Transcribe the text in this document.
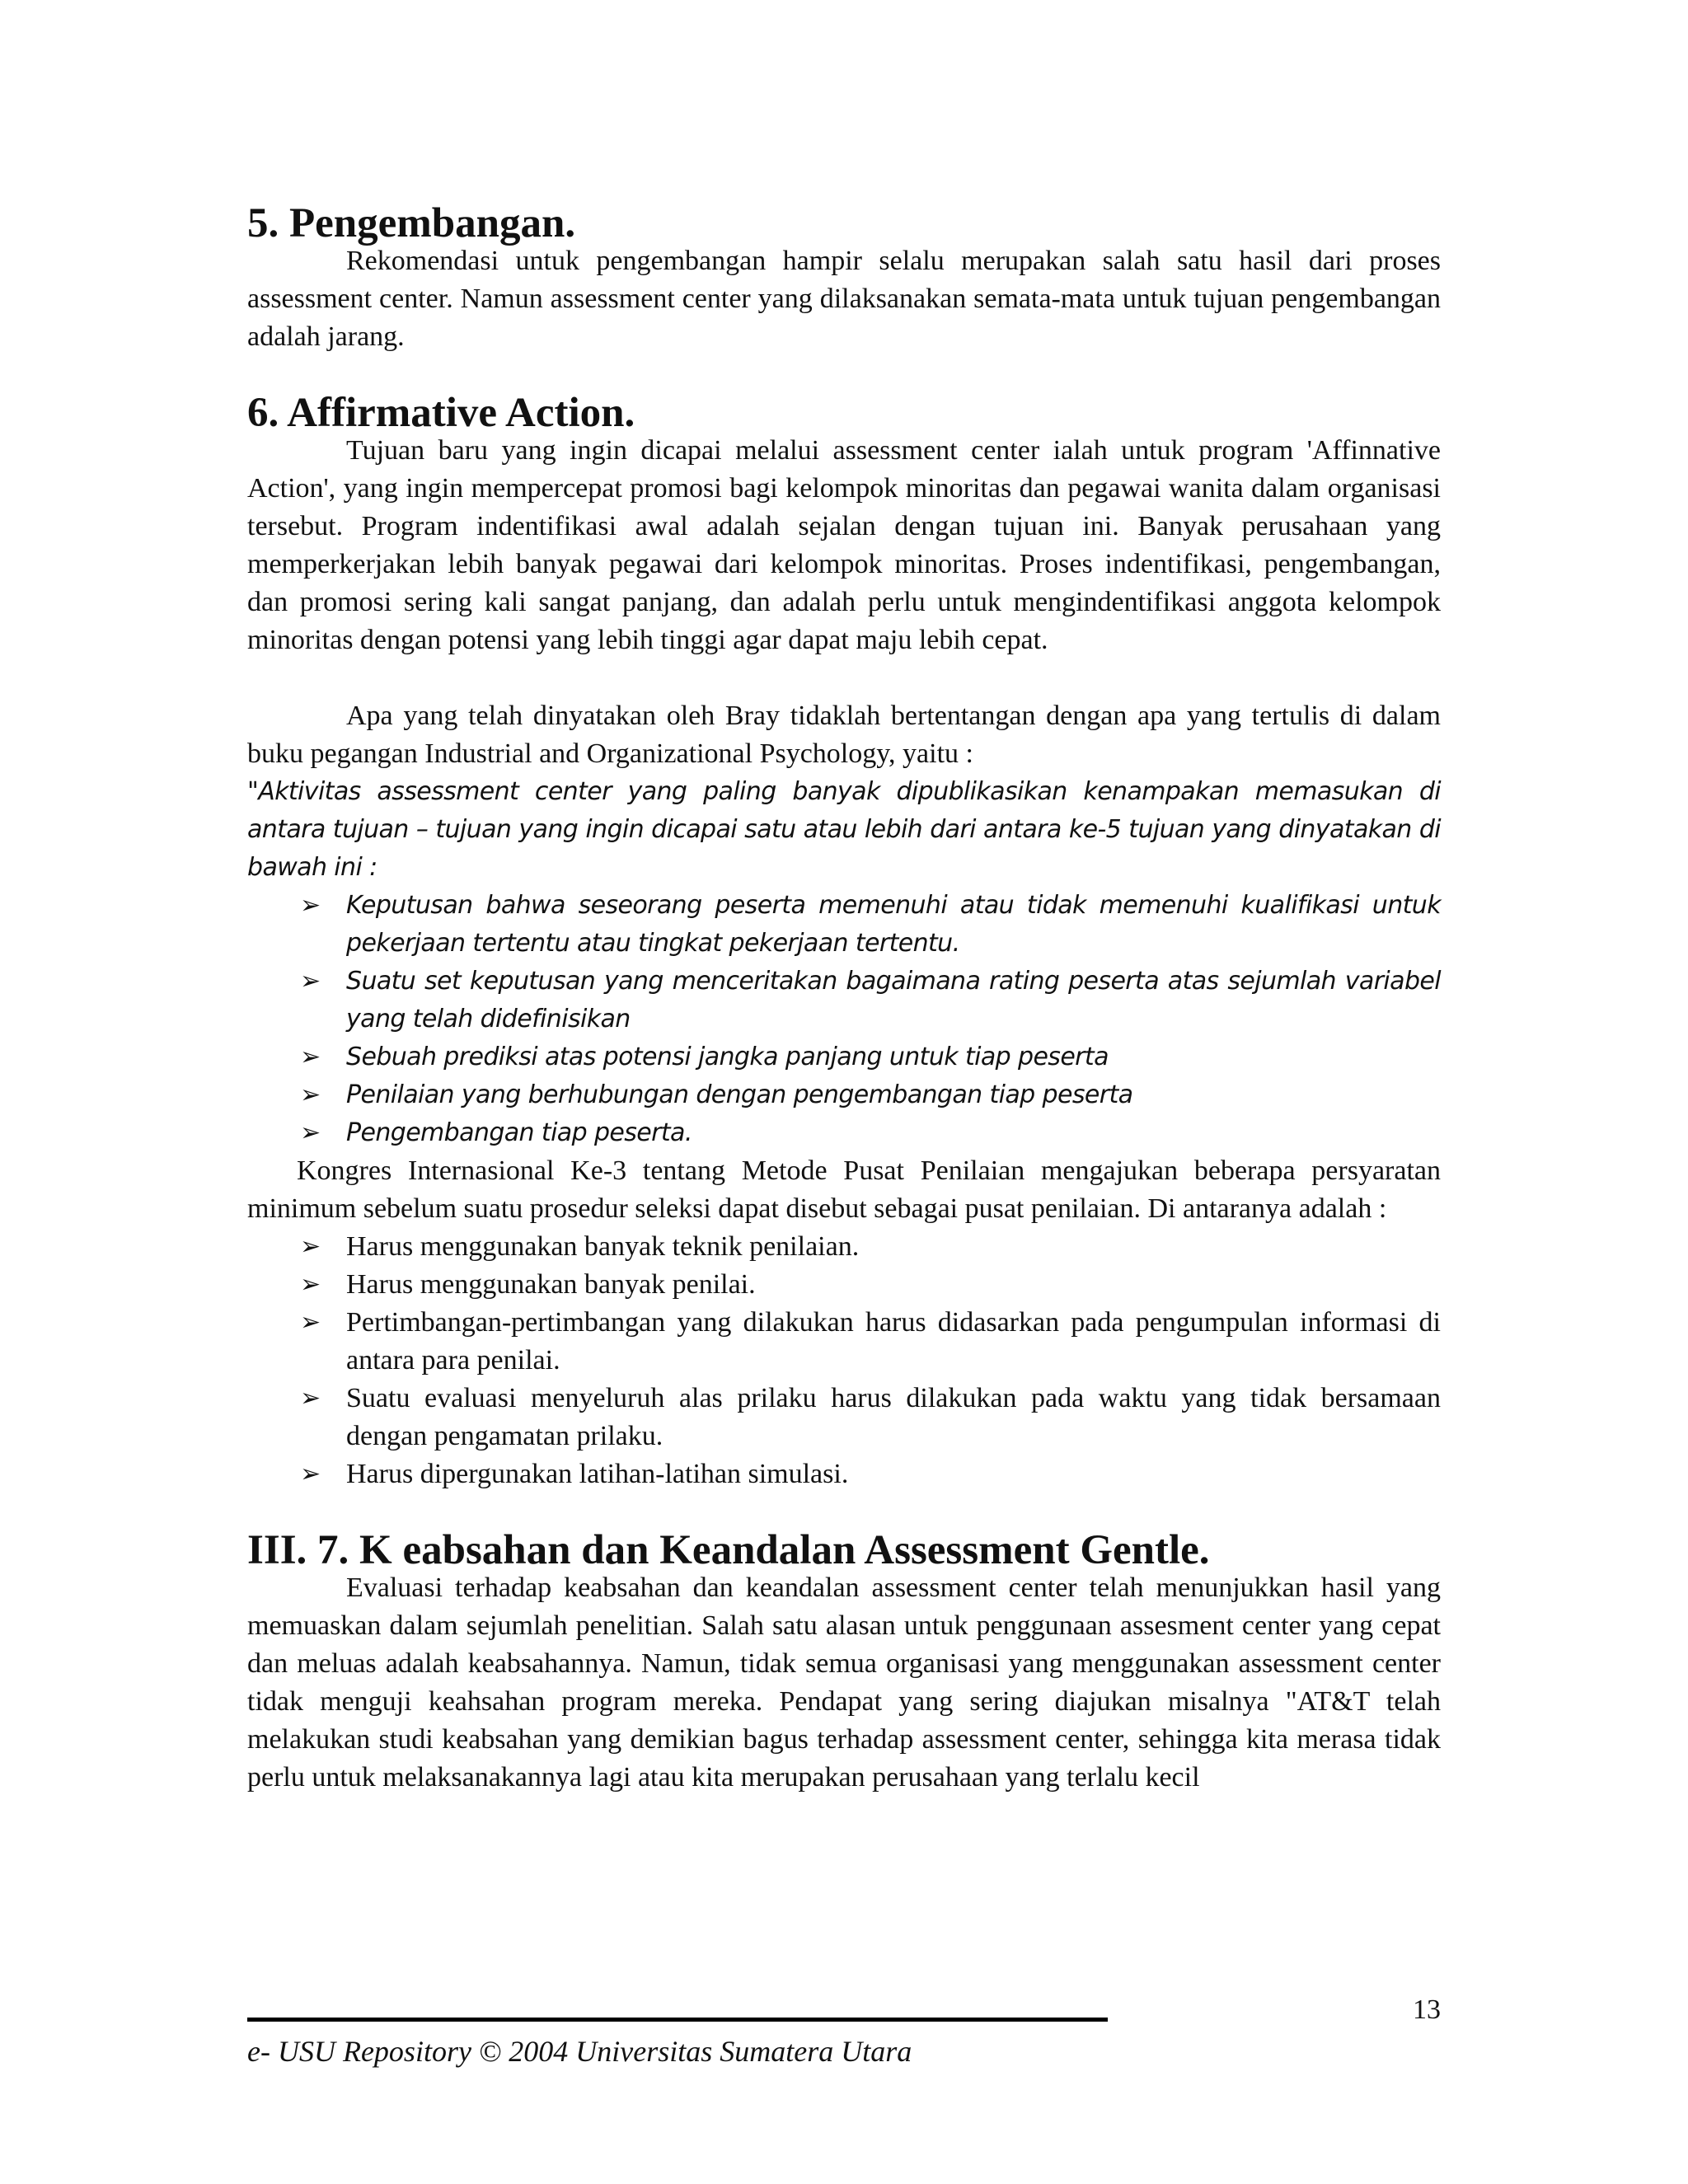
5. Pengembangan.

Rekomendasi untuk pengembangan hampir selalu merupakan salah satu hasil dari proses assessment center. Namun assessment center yang dilaksanakan semata-mata untuk tujuan pengembangan adalah jarang.

6. Affirmative Action.

Tujuan baru yang ingin dicapai melalui assessment center ialah untuk program 'Affinnative Action', yang ingin mempercepat promosi bagi kelompok minoritas dan pegawai wanita dalam organisasi tersebut. Program indentifikasi awal adalah sejalan dengan tujuan ini. Banyak perusahaan yang memperkerjakan lebih banyak pegawai dari kelompok minoritas. Proses indentifikasi, pengembangan, dan promosi sering kali sangat panjang, dan adalah perlu untuk mengindentifikasi anggota kelompok minoritas dengan potensi yang lebih tinggi agar dapat maju lebih cepat.

Apa yang telah dinyatakan oleh Bray tidaklah bertentangan dengan apa yang tertulis di dalam buku pegangan Industrial and Organizational Psychology, yaitu :

"Aktivitas assessment center yang paling banyak dipublikasikan kenampakan memasukan di antara tujuan – tujuan yang ingin dicapai satu atau lebih dari antara ke-5 tujuan yang dinyatakan di bawah ini :

➢ Keputusan bahwa seseorang peserta memenuhi atau tidak memenuhi kualifikasi untuk pekerjaan tertentu atau tingkat pekerjaan tertentu.
➢ Suatu set keputusan yang menceritakan bagaimana rating peserta atas sejumlah variabel yang telah didefinisikan
➢ Sebuah prediksi atas potensi jangka panjang untuk tiap peserta
➢ Penilaian yang berhubungan dengan pengembangan tiap peserta
➢ Pengembangan tiap peserta.

Kongres Internasional Ke-3 tentang Metode Pusat Penilaian mengajukan beberapa persyaratan minimum sebelum suatu prosedur seleksi dapat disebut sebagai pusat penilaian. Di antaranya adalah :

➢ Harus menggunakan banyak teknik penilaian.
➢ Harus menggunakan banyak penilai.
➢ Pertimbangan-pertimbangan yang dilakukan harus didasarkan pada pengumpulan informasi di antara para penilai.
➢ Suatu evaluasi menyeluruh alas prilaku harus dilakukan pada waktu yang tidak bersamaan dengan pengamatan prilaku.
➢ Harus dipergunakan latihan-latihan simulasi.
III. 7. K eabsahan dan Keandalan Assessment Gentle.

Evaluasi terhadap keabsahan dan keandalan assessment center telah menunjukkan hasil yang memuaskan dalam sejumlah penelitian. Salah satu alasan untuk penggunaan assesment center yang cepat dan meluas adalah keabsahannya. Namun, tidak semua organisasi yang menggunakan assessment center tidak menguji keahsahan program mereka. Pendapat yang sering diajukan misalnya "AT&T telah melakukan studi keabsahan yang demikian bagus terhadap assessment center, sehingga kita merasa tidak perlu untuk melaksanakannya lagi atau kita merupakan perusahaan yang terlalu kecil

13
e- USU Repository © 2004 Universitas Sumatera Utara
